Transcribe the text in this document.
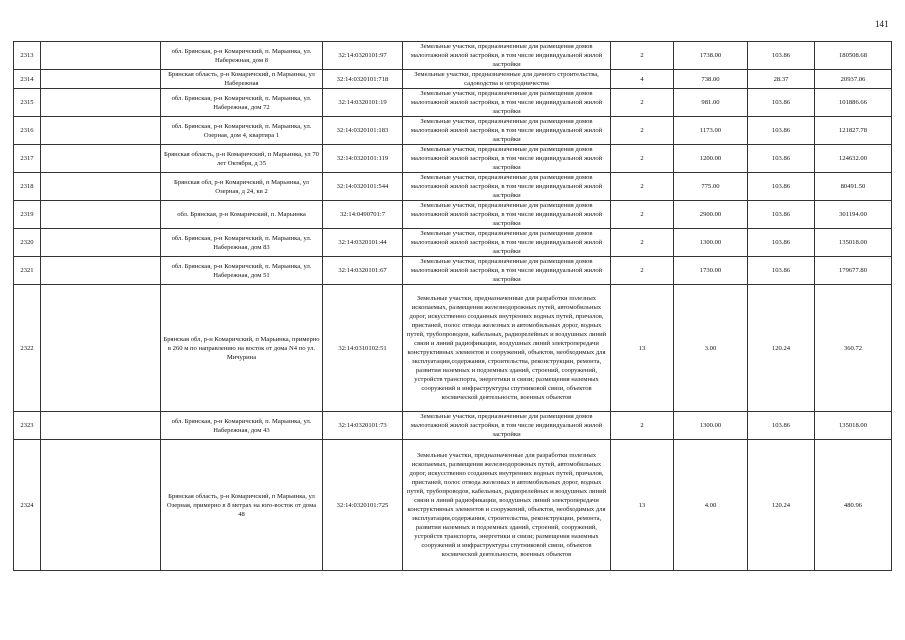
141
2313		обл. Брянская, р-н Комаричский, п. Марьинка, ул. Набережная, дом 8	32:14:0320101:97	Земельные участки, предназначенные для размещения домов малоэтажной жилой застройки, в том числе индивидуальной жилой застройки	2	1738.00	103.86	180508.68
2314		Брянская область, р-н Комаричский, п Марьинка, ул Набережная	32:14:0320101:718	Земельные участки, предназначенные для дачного строительства, садоводства и огородничества	4	738.00	28.37	20937.06
2315		обл. Брянская, р-н Комаричский, п. Марьинка, ул. Набережная, дом 72	32:14:0320101:19	Земельные участки, предназначенные для размещения домов малоэтажной жилой застройки, в том числе индивидуальной жилой застройки	2	981.00	103.86	101886.66
2316		обл. Брянская, р-н Комаричский, п. Марьинка, ул. Озерная, дом 4, квартира 1	32:14:0320101:183	Земельные участки, предназначенные для размещения домов малоэтажной жилой застройки, в том числе индивидуальной жилой застройки	2	1173.00	103.86	121827.78
2317		Брянская область, р-н Комаричский, п Марьинка, ул 70 лет Октября, д 35	32:14:0320101:119	Земельные участки, предназначенные для размещения домов малоэтажной жилой застройки, в том числе индивидуальной жилой застройки	2	1200.00	103.86	124632.00
2318		Брянская обл, р-н Комаричский, п Марьинка, ул Озерная, д 24, кв 2	32:14:0320101:544	Земельные участки, предназначенные для размещения домов малоэтажной жилой застройки, в том числе индивидуальной жилой застройки	2	775.00	103.86	80491.50
2319		обл. Брянская, р-н Комаричский, п. Марьинка	32:14:0490701:7	Земельные участки, предназначенные для размещения домов малоэтажной жилой застройки, в том числе индивидуальной жилой застройки	2	2900.00	103.86	301194.00
2320		обл. Брянская, р-н Комаричский, п. Марьинка, ул. Набережная, дом 83	32:14:0320101:44	Земельные участки, предназначенные для размещения домов малоэтажной жилой застройки, в том числе индивидуальной жилой застройки	2	1300.00	103.86	135018.00
2321		обл. Брянская, р-н Комаричский, п. Марьинка, ул. Набережная, дом 51	32:14:0320101:67	Земельные участки, предназначенные для размещения домов малоэтажной жилой застройки, в том числе индивидуальной жилой застройки	2	1730.00	103.86	179677.80
2322		Брянская обл, р-н Комаричский, п Марьинка, примерно в 260 м по направлению на восток от дома N4 по ул. Мичурина	32:14:0310102:51	Земельные участки, предназначенные для разработки полезных ископаемых, размещения железнодорожных путей, автомобильных дорог, искусственно созданных внутренних водных путей, причалов, пристаней, полос отвода железных и автомобильных дорог, водных путей, трубопроводов, кабельных, радиорелейных и воздушных линий связи и линий радиофикации, воздушных линий электропередачи конструктивных элементов и сооружений, объектов, необходимых для эксплуатации,содержания, строительства, реконструкции, ремонта, развития наземных и подземных зданий, строений, сооружений, устройств транспорта, энергетики и связи; размещения наземных сооружений и инфраструктуры спутниковой связи, объектов космической деятельности, военных объектов	13	3.00	120.24	360.72
2323		обл. Брянская, р-н Комаричский, п. Марьинка, ул. Набережная, дом 43	32:14:0320101:73	Земельные участки, предназначенные для размещения домов малоэтажной жилой застройки, в том числе индивидуальной жилой застройки	2	1300.00	103.86	135018.00
2324		Брянская область, р-н Комаричский, п Марьинка, ул Озерная, примерно в 8 метрах на юго-восток от дома 48	32:14:0320101:725	Земельные участки, предназначенные для разработки полезных ископаемых, размещения железнодорожных путей, автомобильных дорог, искусственно созданных внутренних водных путей, причалов, пристаней, полос отвода железных и автомобильных дорог, водных путей, трубопроводов, кабельных, радиорелейных и воздушных линий связи и линий радиофикации, воздушных линий электропередачи конструктивных элементов и сооружений, объектов, необходимых для эксплуатации,содержания, строительства, реконструкции, ремонта, развития наземных и подземных зданий, строений, сооружений, устройств транспорта, энергетики и связи; размещения наземных сооружений и инфраструктуры спутниковой связи, объектов космической деятельности, военных объектов	13	4.00	120.24	480.96
